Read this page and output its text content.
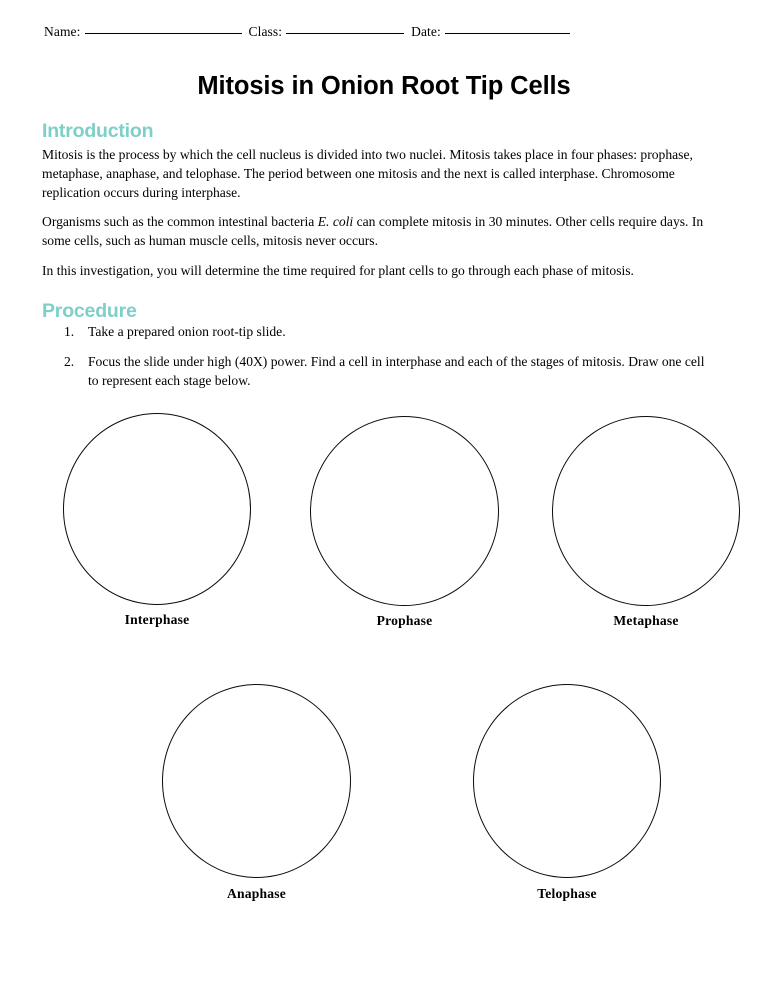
Name:	Class:	Date:
Mitosis in Onion Root Tip Cells
Introduction
Mitosis is the process by which the cell nucleus is divided into two nuclei. Mitosis takes place in four phases: prophase, metaphase, anaphase, and telophase. The period between one mitosis and the next is called interphase. Chromosome replication occurs during interphase.
Organisms such as the common intestinal bacteria E. coli can complete mitosis in 30 minutes. Other cells require days. In some cells, such as human muscle cells, mitosis never occurs.
In this investigation, you will determine the time required for plant cells to go through each phase of mitosis.
Procedure
1.	Take a prepared onion root-tip slide.
2.	Focus the slide under high (40X) power. Find a cell in interphase and each of the stages of mitosis. Draw one cell to represent each stage below.
Interphase	Prophase	Metaphase
Anaphase	Telophase
